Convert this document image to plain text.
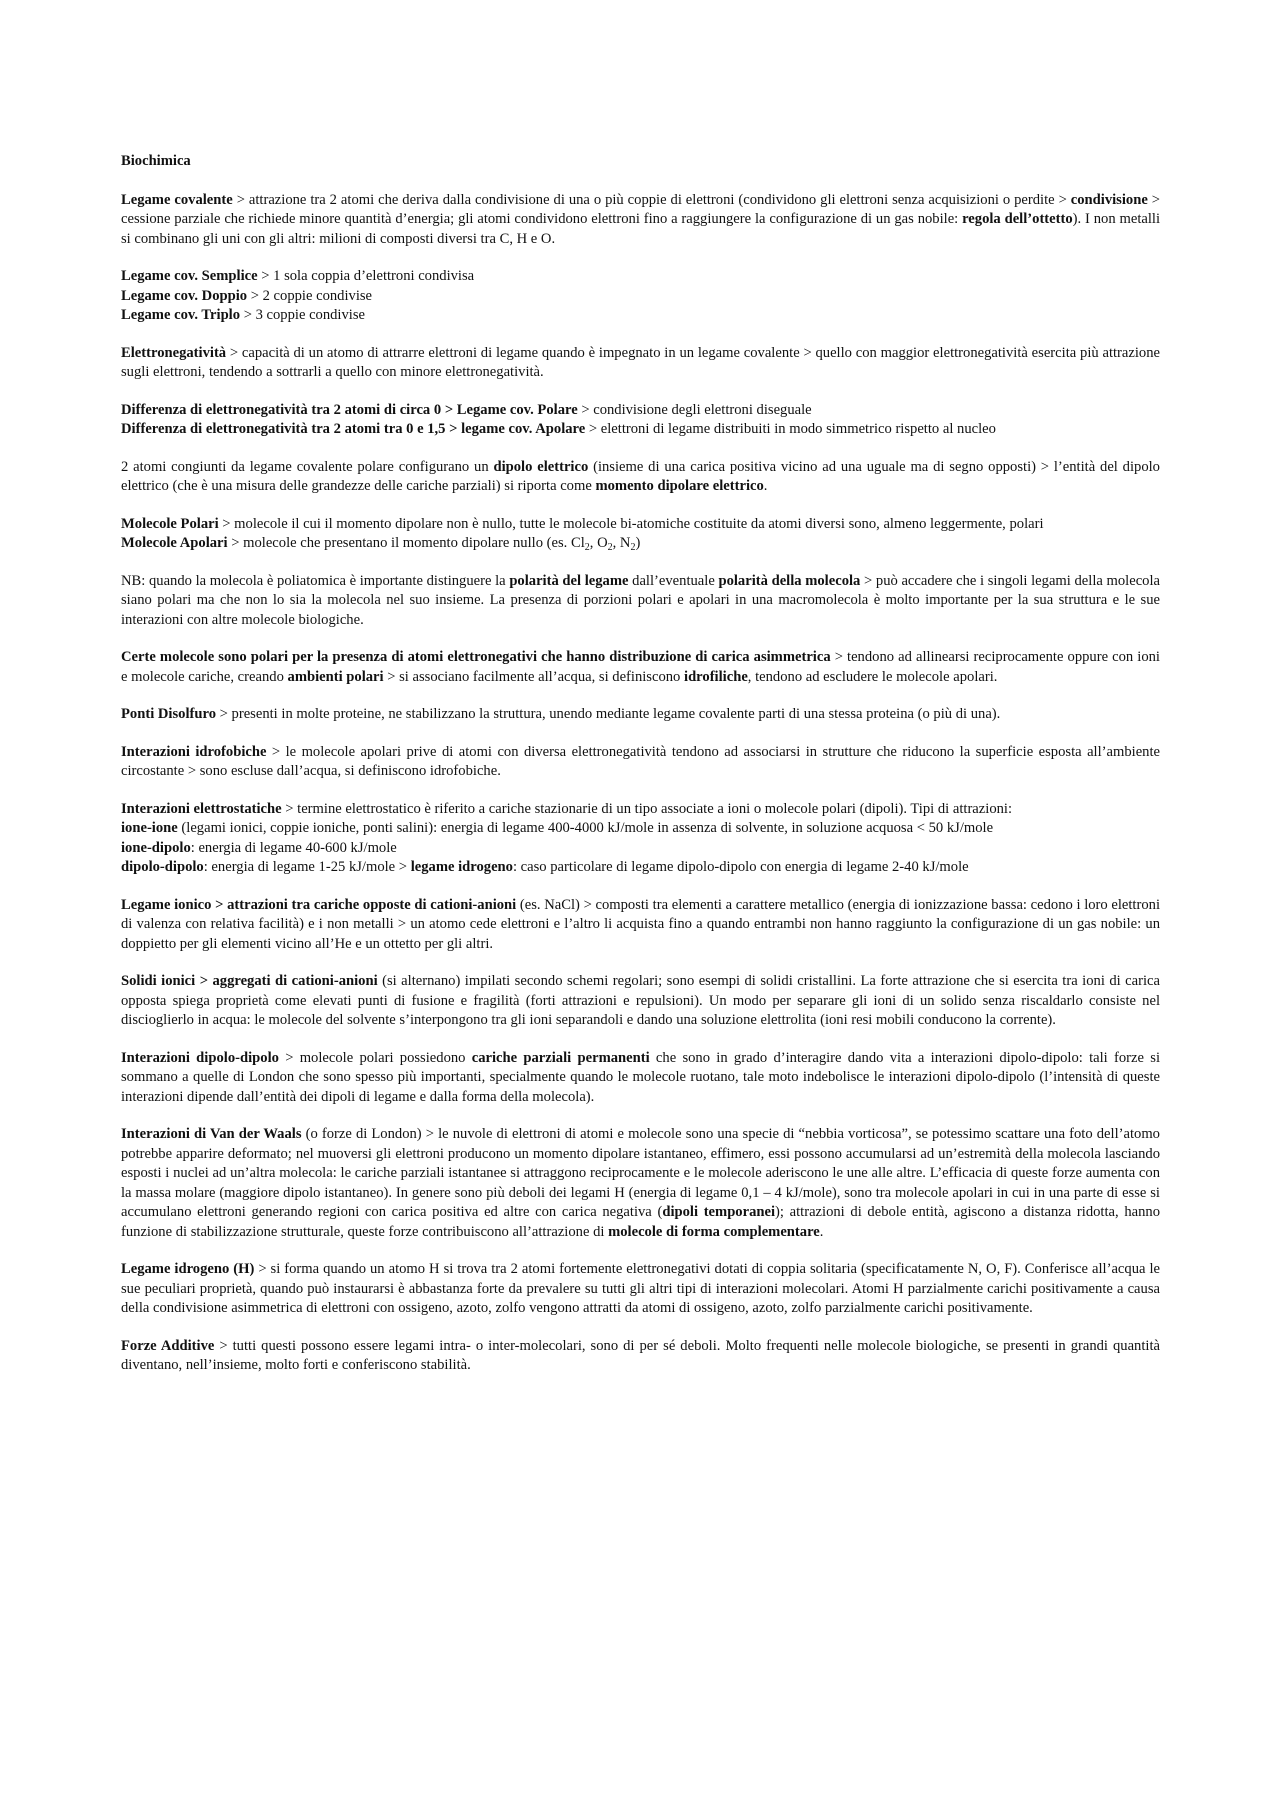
Biochimica

Legame covalente > attrazione tra 2 atomi che deriva dalla condivisione di una o più coppie di elettroni (condividono gli elettroni senza acquisizioni o perdite > condivisione > cessione parziale che richiede minore quantità d’energia; gli atomi condividono elettroni fino a raggiungere la configurazione di un gas nobile: regola dell’ottetto). I non metalli si combinano gli uni con gli altri: milioni di composti diversi tra C, H e O.

Legame cov. Semplice > 1 sola coppia d’elettroni condivisa
Legame cov. Doppio > 2 coppie condivise
Legame cov. Triplo > 3 coppie condivise

Elettronegatività > capacità di un atomo di attrarre elettroni di legame quando è impegnato in un legame covalente > quello con maggior elettronegatività esercita più attrazione sugli elettroni, tendendo a sottrarli a quello con minore elettronegatività.

Differenza di elettronegatività tra 2 atomi di circa 0 > Legame cov. Polare > condivisione degli elettroni diseguale
Differenza di elettronegatività tra 2 atomi tra 0 e 1,5 > legame cov. Apolare > elettroni di legame distribuiti in modo simmetrico rispetto al nucleo

2 atomi congiunti da legame covalente polare configurano un dipolo elettrico (insieme di una carica positiva vicino ad una uguale ma di segno opposti) > l’entità del dipolo elettrico (che è una misura delle grandezze delle cariche parziali) si riporta come momento dipolare elettrico.

Molecole Polari > molecole il cui il momento dipolare non è nullo, tutte le molecole bi-atomiche costituite da atomi diversi sono, almeno leggermente, polari
Molecole Apolari > molecole che presentano il momento dipolare nullo (es. $Cl_2$, $O_2$, $N_2$)

NB: quando la molecola è poliatomica è importante distinguere la polarità del legame dall’eventuale polarità della molecola > può accadere che i singoli legami della molecola siano polari ma che non lo sia la molecola nel suo insieme. La presenza di porzioni polari e apolari in una macromolecola è molto importante per la sua struttura e le sue interazioni con altre molecole biologiche.

Certe molecole sono polari per la presenza di atomi elettronegativi che hanno distribuzione di carica asimmetrica > tendono ad allinearsi reciprocamente oppure con ioni e molecole cariche, creando ambienti polari > si associano facilmente all’acqua, si definiscono idrofiliche, tendono ad escludere le molecole apolari.

Ponti Disolfuro > presenti in molte proteine, ne stabilizzano la struttura, unendo mediante legame covalente parti di una stessa proteina (o più di una).

Interazioni idrofobiche > le molecole apolari prive di atomi con diversa elettronegatività tendono ad associarsi in strutture che riducono la superficie esposta all’ambiente circostante > sono escluse dall’acqua, si definiscono idrofobiche.

Interazioni elettrostatiche > termine elettrostatico è riferito a cariche stazionarie di un tipo associate a ioni o molecole polari (dipoli). Tipi di attrazioni:
ione-ione (legami ionici, coppie ioniche, ponti salini): energia di legame 400-4000 kJ/mole in assenza di solvente, in soluzione acquosa < 50 kJ/mole
ione-dipolo: energia di legame 40-600 kJ/mole
dipolo-dipolo: energia di legame 1-25 kJ/mole > legame idrogeno: caso particolare di legame dipolo-dipolo con energia di legame 2-40 kJ/mole

Legame ionico > attrazioni tra cariche opposte di cationi-anioni (es. NaCl) > composti tra elementi a carattere metallico (energia di ionizzazione bassa: cedono i loro elettroni di valenza con relativa facilità) e i non metalli > un atomo cede elettroni e l’altro li acquista fino a quando entrambi non hanno raggiunto la configurazione di un gas nobile: un doppietto per gli elementi vicino all’He e un ottetto per gli altri.

Solidi ionici > aggregati di cationi-anioni (si alternano) impilati secondo schemi regolari; sono esempi di solidi cristallini. La forte attrazione che si esercita tra ioni di carica opposta spiega proprietà come elevati punti di fusione e fragilità (forti attrazioni e repulsioni). Un modo per separare gli ioni di un solido senza riscaldarlo consiste nel discioglierlo in acqua: le molecole del solvente s’interpongono tra gli ioni separandoli e dando una soluzione elettrolita (ioni resi mobili conducono la corrente).

Interazioni dipolo-dipolo > molecole polari possiedono cariche parziali permanenti che sono in grado d’interagire dando vita a interazioni dipolo-dipolo: tali forze si sommano a quelle di London che sono spesso più importanti, specialmente quando le molecole ruotano, tale moto indebolisce le interazioni dipolo-dipolo (l’intensità di queste interazioni dipende dall’entità dei dipoli di legame e dalla forma della molecola).

Interazioni di Van der Waals (o forze di London) > le nuvole di elettroni di atomi e molecole sono una specie di “nebbia vorticosa”, se potessimo scattare una foto dell’atomo potrebbe apparire deformato; nel muoversi gli elettroni producono un momento dipolare istantaneo, effimero, essi possono accumularsi ad un’estremità della molecola lasciando esposti i nuclei ad un’altra molecola: le cariche parziali istantanee si attraggono reciprocamente e le molecole aderiscono le une alle altre. L’efficacia di queste forze aumenta con la massa molare (maggiore dipolo istantaneo). In genere sono più deboli dei legami H (energia di legame 0,1 – 4 kJ/mole), sono tra molecole apolari in cui in una parte di esse si accumulano elettroni generando regioni con carica positiva ed altre con carica negativa (dipoli temporanei); attrazioni di debole entità, agiscono a distanza ridotta, hanno funzione di stabilizzazione strutturale, queste forze contribuiscono all’attrazione di molecole di forma complementare.

Legame idrogeno (H) > si forma quando un atomo H si trova tra 2 atomi fortemente elettronegativi dotati di coppia solitaria (specificatamente N, O, F). Conferisce all’acqua le sue peculiari proprietà, quando può instaurarsi è abbastanza forte da prevalere su tutti gli altri tipi di interazioni molecolari. Atomi H parzialmente carichi positivamente a causa della condivisione asimmetrica di elettroni con ossigeno, azoto, zolfo vengono attratti da atomi di ossigeno, azoto, zolfo parzialmente carichi positivamente.

Forze Additive > tutti questi possono essere legami intra- o inter-molecolari, sono di per sé deboli. Molto frequenti nelle molecole biologiche, se presenti in grandi quantità diventano, nell’insieme, molto forti e conferiscono stabilità.
